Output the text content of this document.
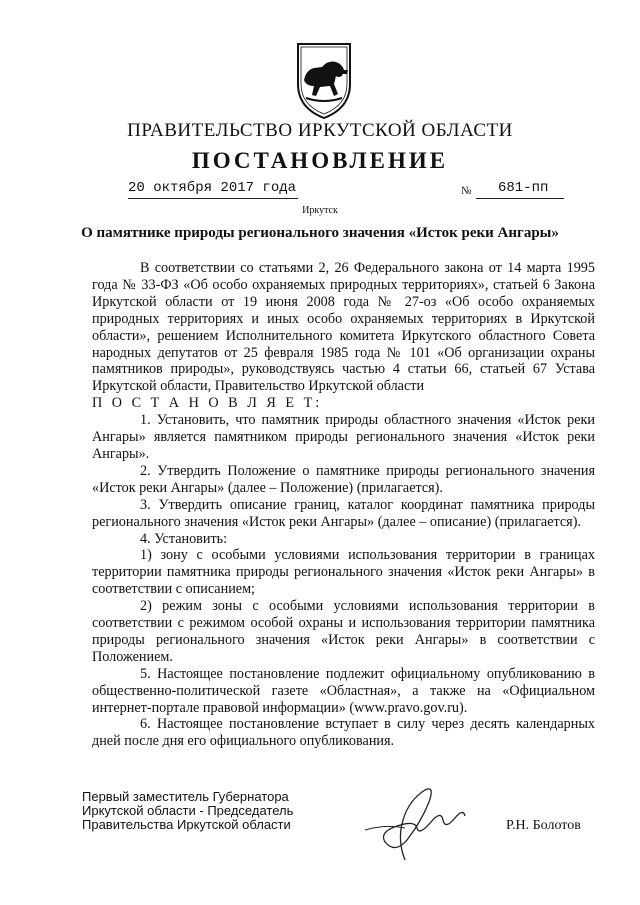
ПРАВИТЕЛЬСТВО ИРКУТСКОЙ ОБЛАСТИ
ПОСТАНОВЛЕНИЕ
20 октября 2017 года	№ 681-пп
Иркутск
О памятнике природы регионального значения «Исток реки Ангары»

В соответствии со статьями 2, 26 Федерального закона от 14 марта 1995 года № 33-ФЗ «Об особо охраняемых природных территориях», статьей 6 Закона Иркутской области от 19 июня 2008 года № 27-оз «Об особо охраняемых природных территориях и иных особо охраняемых территориях в Иркутской области», решением Исполнительного комитета Иркутского областного Совета народных депутатов от 25 февраля 1985 года № 101 «Об организации охраны памятников природы», руководствуясь частью 4 статьи 66, статьей 67 Устава Иркутской области, Правительство Иркутской области

П О С Т А Н О В Л Я Е Т:

1. Установить, что памятник природы областного значения «Исток реки Ангары» является памятником природы регионального значения «Исток реки Ангары».

2. Утвердить Положение о памятнике природы регионального значения «Исток реки Ангары» (далее – Положение) (прилагается).

3. Утвердить описание границ, каталог координат памятника природы регионального значения «Исток реки Ангары» (далее – описание) (прилагается).

4. Установить:

1) зону с особыми условиями использования территории в границах территории памятника природы регионального значения «Исток реки Ангары» в соответствии с описанием;

2) режим зоны с особыми условиями использования территории в соответствии с режимом особой охраны и использования территории памятника природы регионального значения «Исток реки Ангары» в соответствии с Положением.

5. Настоящее постановление подлежит официальному опубликованию в общественно-политической газете «Областная», а также на «Официальном интернет-портале правовой информации» (www.pravo.gov.ru).

6. Настоящее постановление вступает в силу через десять календарных дней после дня его официального опубликования.

Первый заместитель Губернатора
Иркутской области - Председатель
Правительства Иркутской области	Р.Н. Болотов
